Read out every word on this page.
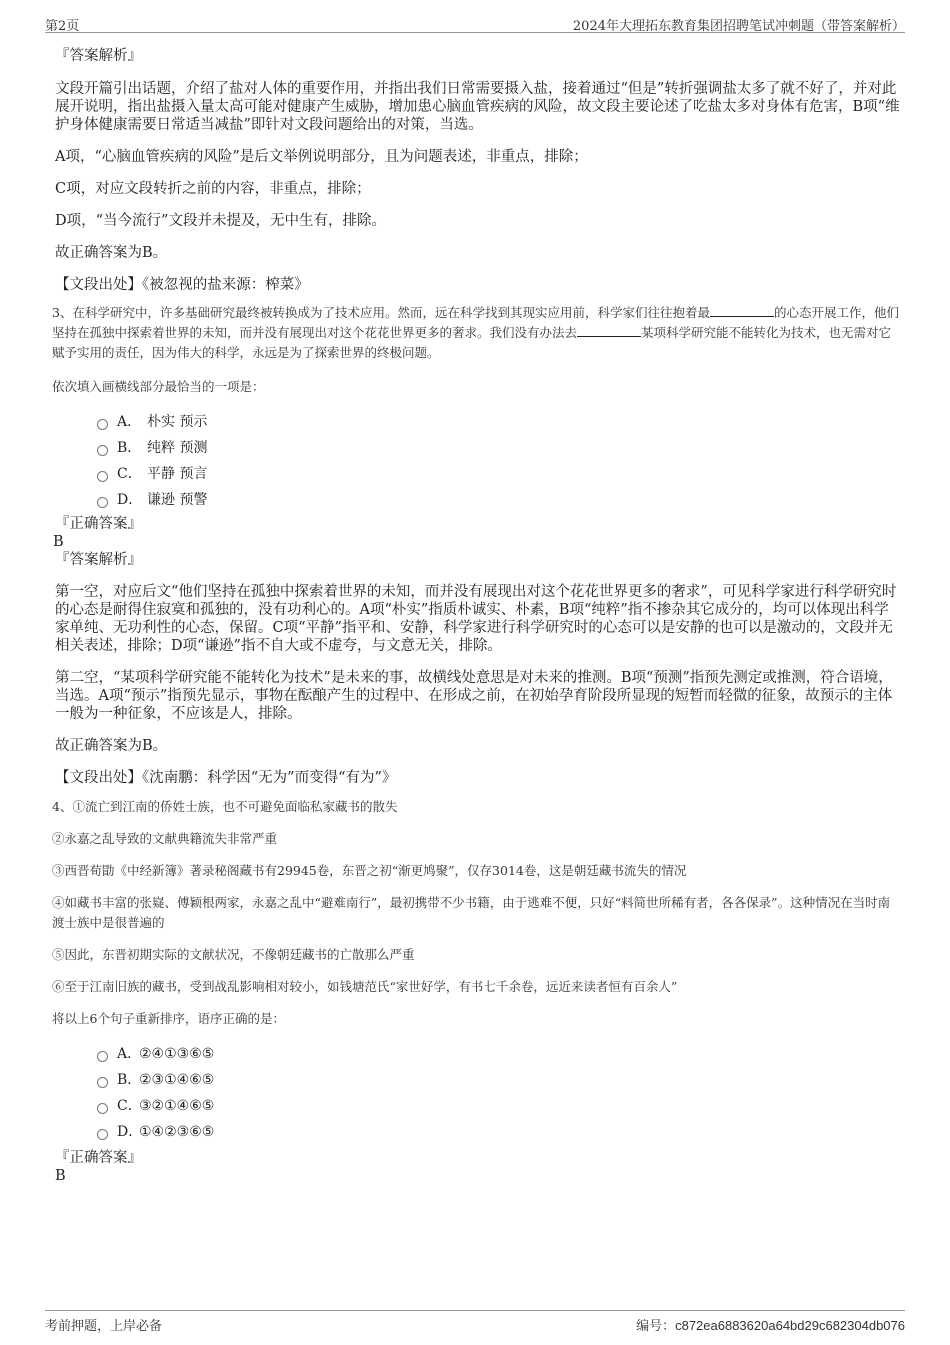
第2页	2024年大理拓东教育集团招聘笔试冲刺题（带答案解析）

『答案解析』

文段开篇引出话题，介绍了盐对人体的重要作用，并指出我们日常需要摄入盐，接着通过“但是”转折强调盐太多了就不好了，并对此展开说明，指出盐摄入量太高可能对健康产生威胁，增加患心脑血管疾病的风险，故文段主要论述了吃盐太多对身体有危害，B项“维护身体健康需要日常适当减盐”即针对文段问题给出的对策，当选。

A项，“心脑血管疾病的风险”是后文举例说明部分，且为问题表述，非重点，排除；

C项，对应文段转折之前的内容，非重点，排除；

D项，“当今流行”文段并未提及，无中生有，排除。

故正确答案为B。

【文段出处】《被忽视的盐来源：榨菜》

3、在科学研究中，许多基础研究最终被转换成为了技术应用。然而，远在科学找到其现实应用前，科学家们往往抱着最	的心态开展工作，他们坚持在孤独中探索着世界的未知，而并没有展现出对这个花花世界更多的奢求。我们没有办法去	某项科学研究能不能转化为技术，也无需对它赋予实用的责任，因为伟大的科学，永远是为了探索世界的终极问题。

依次填入画横线部分最恰当的一项是：

A． 朴实 预示
B． 纯粹 预测
C． 平静 预言
D． 谦逊 预警

『正确答案』

B

『答案解析』

第一空，对应后文“他们坚持在孤独中探索着世界的未知，而并没有展现出对这个花花世界更多的奢求”，可见科学家进行科学研究时的心态是耐得住寂寞和孤独的，没有功利心的。A项“朴实”指质朴诚实、朴素，B项“纯粹”指不掺杂其它成分的，均可以体现出科学家单纯、无功利性的心态，保留。C项“平静”指平和、安静，科学家进行科学研究时的心态可以是安静的也可以是激动的，文段并无相关表述，排除；D项“谦逊”指不自大或不虚夸，与文意无关，排除。

第二空，“某项科学研究能不能转化为技术”是未来的事，故横线处意思是对未来的推测。B项“预测”指预先测定或推测，符合语境，当选。A项“预示”指预先显示，事物在酝酿产生的过程中、在形成之前，在初始孕育阶段所显现的短暂而轻微的征象，故预示的主体一般为一种征象，不应该是人，排除。

故正确答案为B。

【文段出处】《沈南鹏：科学因“无为”而变得“有为”》

4、①流亡到江南的侨姓士族，也不可避免面临私家藏书的散失

②永嘉之乱导致的文献典籍流失非常严重

③西晋荀勖《中经新簿》著录秘阁藏书有29945卷，东晋之初“渐更鸠聚”，仅存3014卷，这是朝廷藏书流失的情况

④如藏书丰富的张嶷、傅颖根两家，永嘉之乱中“避难南行”，最初携带不少书籍，由于逃难不便，只好“料简世所稀有者，各各保录”。这种情况在当时南渡士族中是很普遍的

⑤因此，东晋初期实际的文献状况，不像朝廷藏书的亡散那么严重

⑥至于江南旧族的藏书，受到战乱影响相对较小，如钱塘范氏“家世好学，有书七千余卷，远近来读者恒有百余人”

将以上6个句子重新排序，语序正确的是：

A．
②④①③⑥⑤
B．
②③①④⑥⑤
C．
③②①④⑥⑤
D．
①④②③⑥⑤

『正确答案』

B

考前押题，上岸必备	编号：c872ea6883620a64bd29c682304db076
